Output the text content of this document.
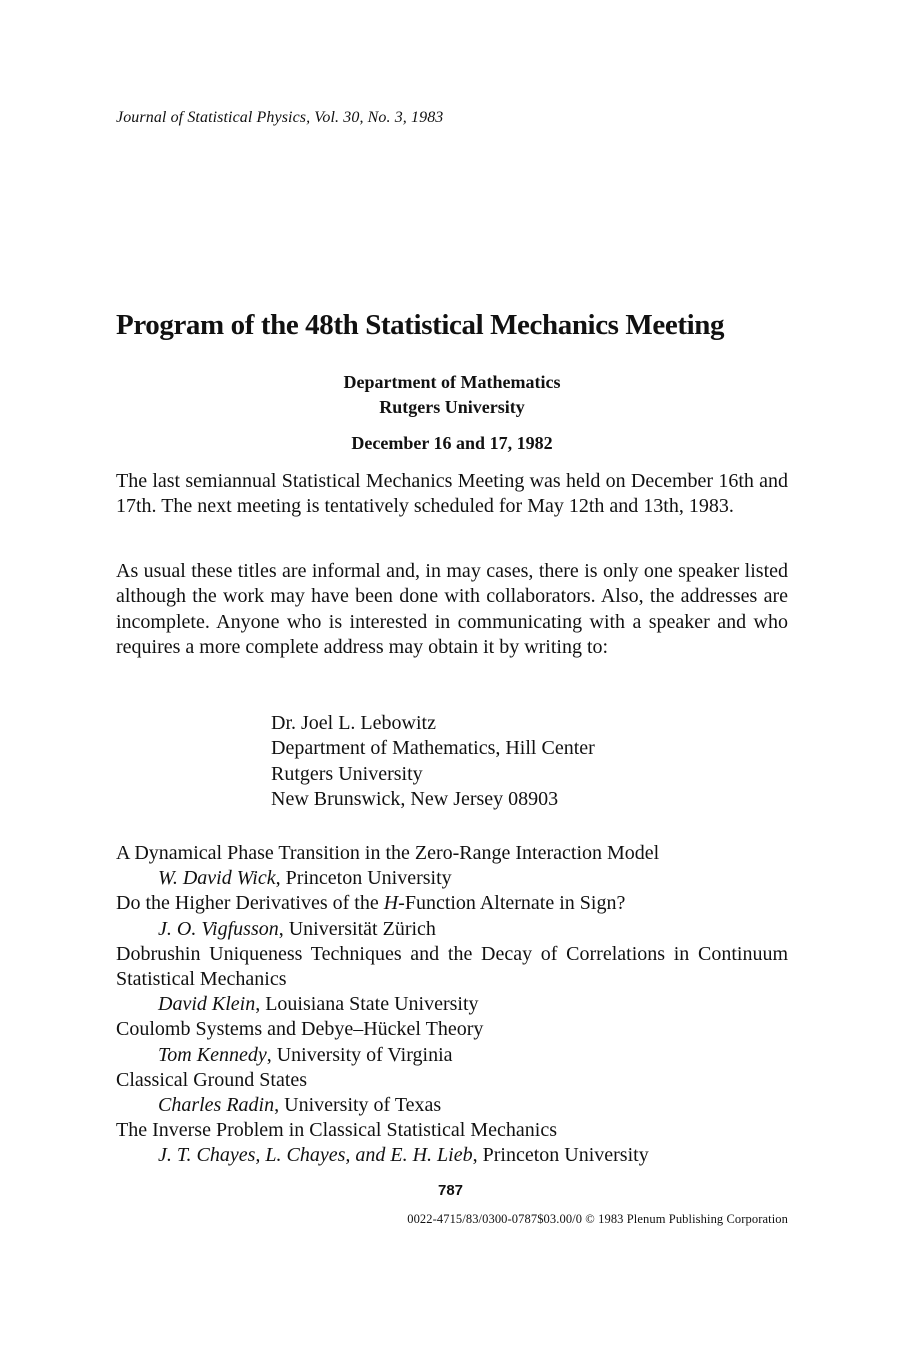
Journal of Statistical Physics, Vol. 30, No. 3, 1983
Program of the 48th Statistical Mechanics Meeting
Department of Mathematics
Rutgers University
December 16 and 17, 1982

The last semiannual Statistical Mechanics Meeting was held on December 16th and 17th. The next meeting is tentatively scheduled for May 12th and 13th, 1983.

As usual these titles are informal and, in may cases, there is only one speaker listed although the work may have been done with collaborators. Also, the addresses are incomplete. Anyone who is interested in communicating with a speaker and who requires a more complete address may obtain it by writing to:

Dr. Joel L. Lebowitz
Department of Mathematics, Hill Center
Rutgers University
New Brunswick, New Jersey 08903
A Dynamical Phase Transition in the Zero-Range Interaction Model
W. David Wick, Princeton University
Do the Higher Derivatives of the H-Function Alternate in Sign?
J. O. Vigfusson, Universität Zürich
Dobrushin Uniqueness Techniques and the Decay of Correlations in Continuum Statistical Mechanics
David Klein, Louisiana State University
Coulomb Systems and Debye–Hückel Theory
Tom Kennedy, University of Virginia
Classical Ground States
Charles Radin, University of Texas
The Inverse Problem in Classical Statistical Mechanics
J. T. Chayes, L. Chayes, and E. H. Lieb, Princeton University
787
0022-4715/83/0300-0787$03.00/0 © 1983 Plenum Publishing Corporation
